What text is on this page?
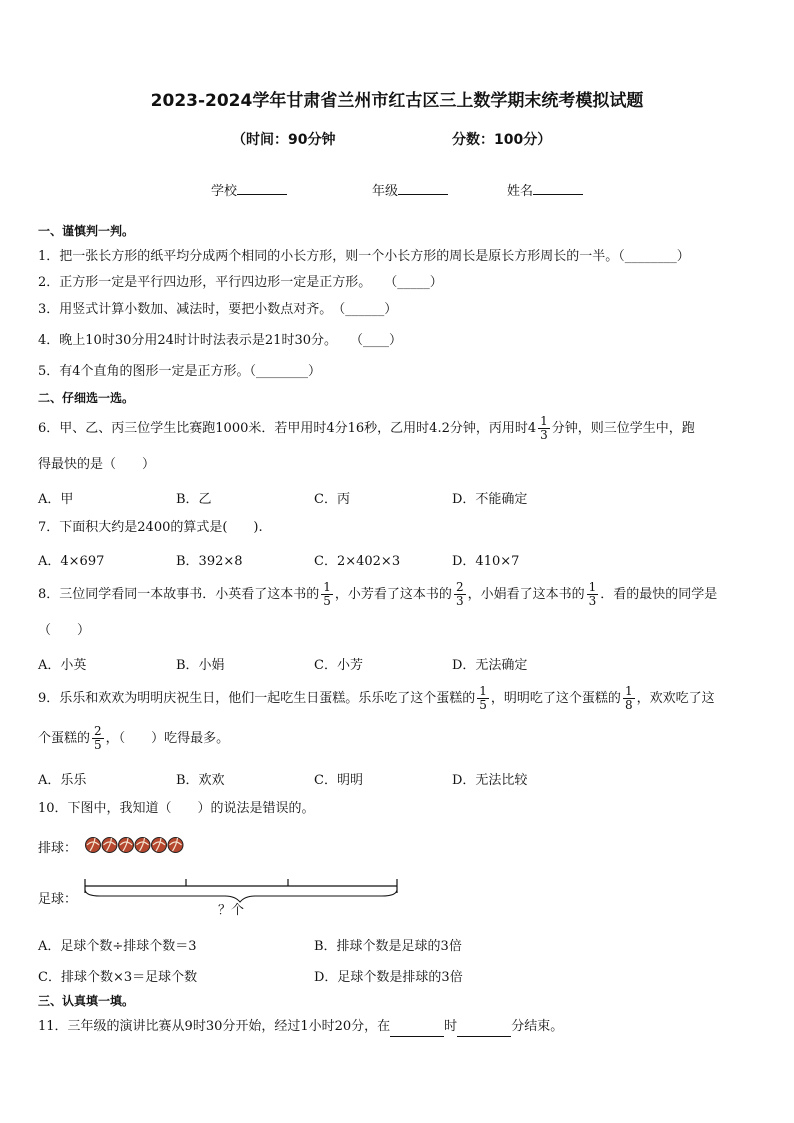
2023-2024学年甘肃省兰州市红古区三上数学期末统考模拟试题
（时间：90分钟	分数：100分）
学校	年级	姓名
一、谨慎判一判。
1．把一张长方形的纸平均分成两个相同的小长方形，则一个小长方形的周长是原长方形周长的一半。（________）
2．正方形一定是平行四边形，平行四边形一定是正方形。　　（_____）
3．用竖式计算小数加、减法时，要把小数点对齐。　（______）
4．晚上10时30分用24时计时法表示是21时30分。　　（____）
5．有4个直角的图形一定是正方形。（________）
二、仔细选一选。
6．甲、乙、丙三位学生比赛跑1000米．若甲用时4分16秒，乙用时4.2分钟，丙用时$4 \frac{1}{3}$ 分钟，则三位学生中，跑
得最快的是（　　）
A．甲	B．乙	C．丙	D．不能确定
7．下面积大约是2400的算式是(　　).
A．4×697	B．392×8	C．2×402×3	D．410×7
8．三位同学看同一本故事书．小英看了这本书的 $\frac{1}{5}$ ，小芳看了这本书的 $\frac{2}{3}$ ，小娟看了这本书的 $\frac{1}{3}$ ．看的最快的同学是
（　　）
A．小英	B．小娟	C．小芳	D．无法确定
9．乐乐和欢欢为明明庆祝生日，他们一起吃生日蛋糕。乐乐吃了这个蛋糕的 $\frac{1}{5}$ ，明明吃了这个蛋糕的 $\frac{1}{8}$ ，欢欢吃了这
个蛋糕的 $\frac{2}{5}$ ，（　　）吃得最多。
A．乐乐	B．欢欢	C．明明	D．无法比较
10．下图中，我知道（　　）的说法是错误的。
排球：
足球：
？个
A．足球个数÷排球个数＝3	B．排球个数是足球的3倍
C．排球个数×3＝足球个数	D．足球个数是排球的3倍
三、认真填一填。
11．三年级的演讲比赛从9时30分开始，经过1小时20分，在	时	分结束。
